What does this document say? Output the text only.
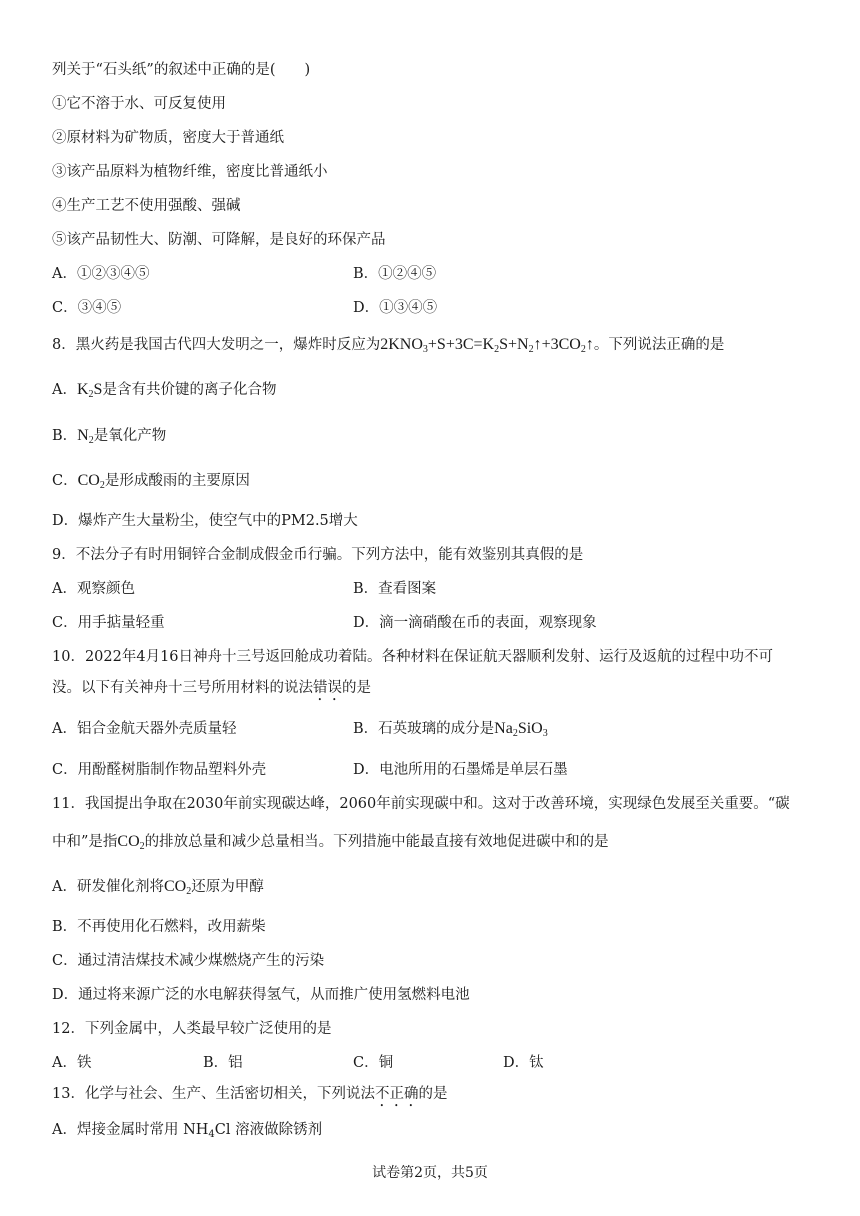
列关于“石头纸”的叙述中正确的是(　　)
①它不溶于水、可反复使用
②原材料为矿物质，密度大于普通纸
③该产品原料为植物纤维，密度比普通纸小
④生产工艺不使用强酸、强碱
⑤该产品韧性大、防潮、可降解，是良好的环保产品
A．①②③④⑤	B．①②④⑤
C．③④⑤	D．①③④⑤
8．黑火药是我国古代四大发明之一，爆炸时反应为$2KNO_3+S+3C=K_2S+N_2↑+3CO_2↑$。下列说法正确的是
A．$K_2S$是含有共价键的离子化合物
B．$N_2$是氧化产物
C．$CO_2$是形成酸雨的主要原因
D．爆炸产生大量粉尘，使空气中的PM2.5增大
9．不法分子有时用铜锌合金制成假金币行骗。下列方法中，能有效鉴别其真假的是
A．观察颜色	B．查看图案
C．用手掂量轻重	D．滴一滴硝酸在币的表面，观察现象
10．2022年4月16日神舟十三号返回舱成功着陆。各种材料在保证航天器顺利发射、运行及返航的过程中功不可
没。以下有关神舟十三号所用材料的说法错误的是
A．铝合金航天器外壳质量轻	B．石英玻璃的成分是$Na_2SiO_3$
C．用酚醛树脂制作物品塑料外壳	D．电池所用的石墨烯是单层石墨
11．我国提出争取在2030年前实现碳达峰，2060年前实现碳中和。这对于改善环境，实现绿色发展至关重要。“碳
中和”是指$CO_2$的排放总量和减少总量相当。下列措施中能最直接有效地促进碳中和的是
A．研发催化剂将$CO_2$还原为甲醇
B．不再使用化石燃料，改用薪柴
C．通过清洁煤技术减少煤燃烧产生的污染
D．通过将来源广泛的水电解获得氢气，从而推广使用氢燃料电池
12．下列金属中，人类最早较广泛使用的是
A．铁	B．铝	C．铜	D．钛
13．化学与社会、生产、生活密切相关，下列说法不正确的是
A．焊接金属时常用 $NH_4Cl$ 溶液做除锈剂
试卷第2页，共5页
